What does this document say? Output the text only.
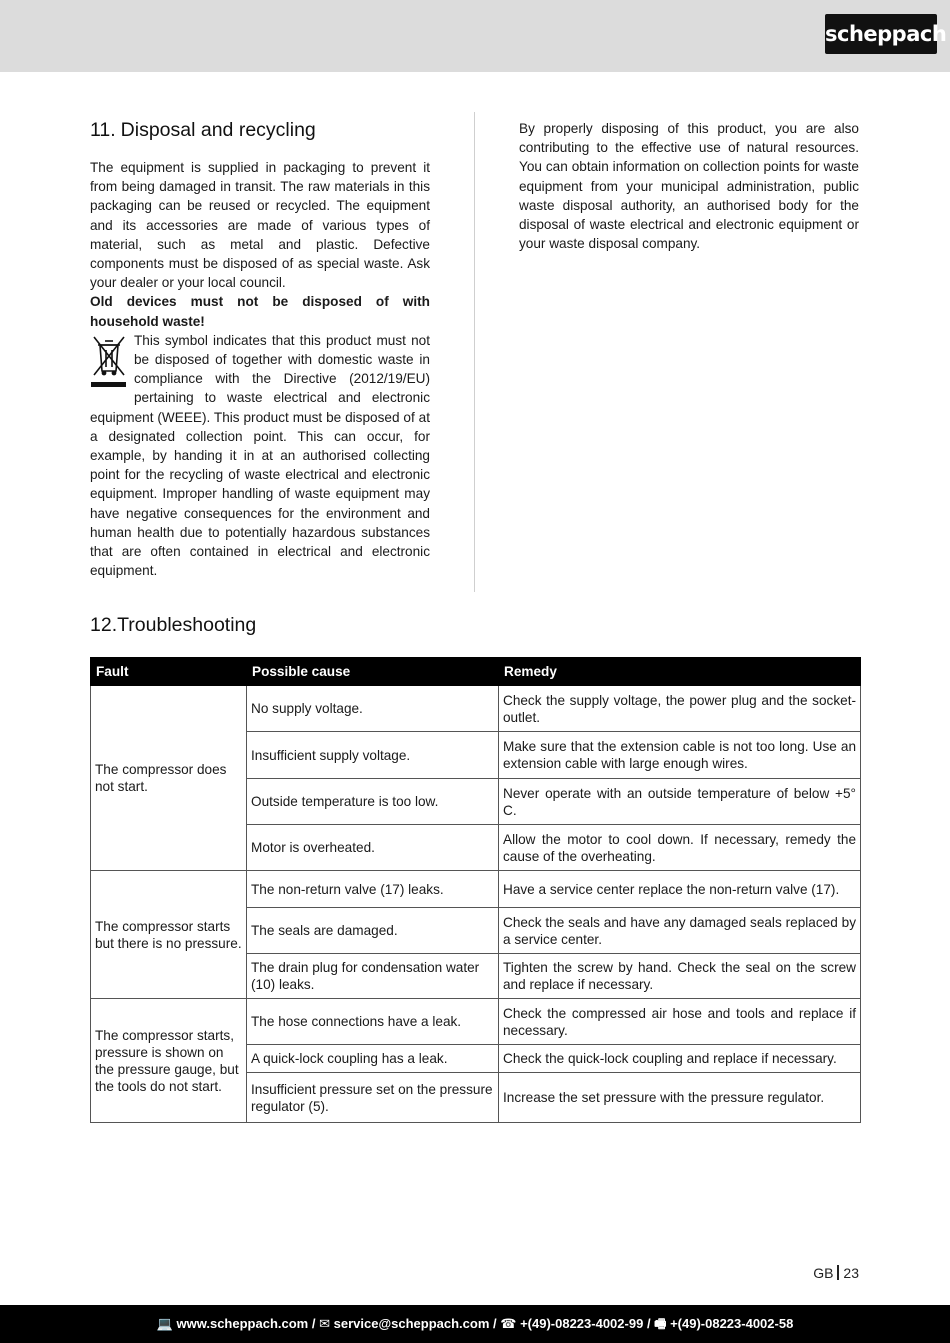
scheppach
11. Disposal and recycling

The equipment is supplied in packaging to prevent it from being damaged in transit. The raw materials in this packaging can be reused or recycled. The equipment and its accessories are made of various types of material, such as metal and plastic. Defective components must be disposed of as special waste. Ask your dealer or your local council.

Old devices must not be disposed of with household waste!

This symbol indicates that this product must not be disposed of together with domestic waste in compliance with the Directive (2012/19/EU) pertaining to waste electrical and electronic equipment (WEEE). This product must be disposed of at a designated collection point. This can occur, for example, by handing it in at an authorised collecting point for the recycling of waste electrical and electronic equipment. Improper handling of waste equipment may have negative consequences for the environment and human health due to potentially hazardous substances that are often contained in electrical and electronic equipment.

By properly disposing of this product, you are also contributing to the effective use of natural resources. You can obtain information on collection points for waste equipment from your municipal administration, public waste disposal authority, an authorised body for the disposal of waste electrical and electronic equipment or your waste disposal company.

12.Troubleshooting
Fault	Possible cause	Remedy
The compressor does not start.	No supply voltage.	Check the supply voltage, the power plug and the socket-outlet.
	Insufficient supply voltage.	Make sure that the extension cable is not too long. Use an extension cable with large enough wires.
	Outside temperature is too low.	Never operate with an outside temperature of below +5° C.
	Motor is overheated.	Allow the motor to cool down. If necessary, remedy the cause of the overheating.
The compressor starts but there is no pressure.	The non-return valve (17) leaks.	Have a service center replace the non-return valve (17).
	The seals are damaged.	Check the seals and have any damaged seals replaced by a service center.
	The drain plug for condensation water (10) leaks.	Tighten the screw by hand. Check the seal on the screw and replace if necessary.
The compressor starts, pressure is shown on the pressure gauge, but the tools do not start.	The hose connections have a leak.	Check the compressed air hose and tools and replace if necessary.
	A quick-lock coupling has a leak.	Check the quick-lock coupling and replace if necessary.
	Insufficient pressure set on the pressure regulator (5).	Increase the set pressure with the pressure regulator.
GB 23
💻 www.scheppach.com / ✉ service@scheppach.com / ☎ +(49)-08223-4002-99 / 🖷 +(49)-08223-4002-58
